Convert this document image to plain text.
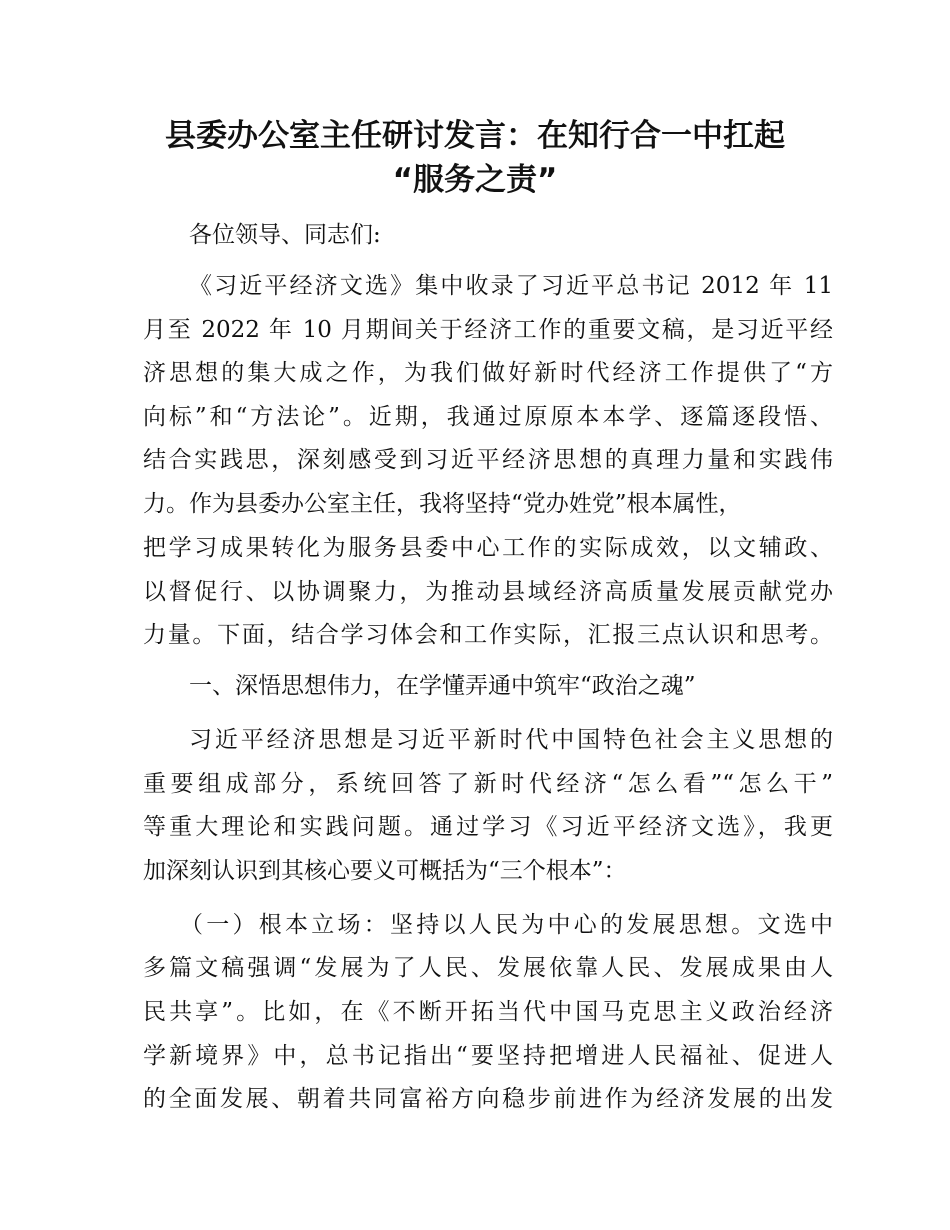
县委办公室主任研讨发言：在知行合一中扛起
“服务之责”
各位领导、同志们:
《习近平经济文选》集中收录了习近平总书记 2012 年 11
月至 2022 年 10 月期间关于经济工作的重要文稿，是习近平经
济思想的集大成之作，为我们做好新时代经济工作提供了“方
向标”和“方法论”。近期，我通过原原本本学、逐篇逐段悟、
结合实践思，深刻感受到习近平经济思想的真理力量和实践伟
力。作为县委办公室主任，我将坚持“党办姓党”根本属性，
把学习成果转化为服务县委中心工作的实际成效，以文辅政、
以督促行、以协调聚力，为推动县域经济高质量发展贡献党办
力量。下面，结合学习体会和工作实际，汇报三点认识和思考。
一、深悟思想伟力，在学懂弄通中筑牢“政治之魂”
习近平经济思想是习近平新时代中国特色社会主义思想的
重要组成部分，系统回答了新时代经济“怎么看”“怎么干”
等重大理论和实践问题。通过学习《习近平经济文选》，我更
加深刻认识到其核心要义可概括为“三个根本”：
（一）根本立场：坚持以人民为中心的发展思想。文选中
多篇文稿强调“发展为了人民、发展依靠人民、发展成果由人
民共享”。比如，在《不断开拓当代中国马克思主义政治经济
学新境界》中，总书记指出“要坚持把增进人民福祉、促进人
的全面发展、朝着共同富裕方向稳步前进作为经济发展的出发
